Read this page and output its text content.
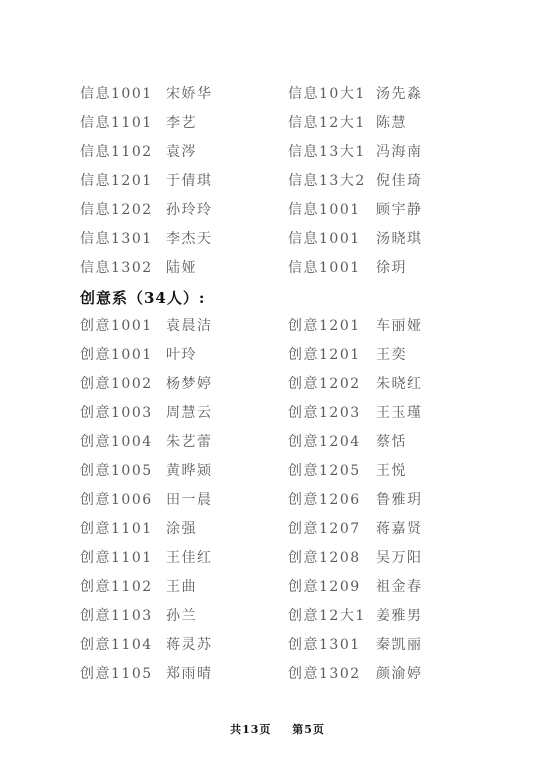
信息1001 宋娇华	信息10大1 汤先淼
信息1101 李艺	信息12大1 陈慧
信息1102 袁涔	信息13大1 冯海南
信息1201 于倩琪	信息13大2 倪佳琦
信息1202 孙玲玲	信息1001 顾宇静
信息1301 李杰天	信息1001 汤晓琪
信息1302 陆娅	信息1001 徐玥
创意系（34人）:
创意1001 袁晨洁	创意1201 车丽娅
创意1001 叶玲	创意1201 王奕
创意1002 杨梦婷	创意1202 朱晓红
创意1003 周慧云	创意1203 王玉瑾
创意1004 朱艺蕾	创意1204 蔡恬
创意1005 黄晔颎	创意1205 王悦
创意1006 田一晨	创意1206 鲁雅玥
创意1101 涂强	创意1207 蒋嘉贤
创意1101 王佳红	创意1208 吴万阳
创意1102 王曲	创意1209 祖金春
创意1103 孙兰	创意12大1 姜雅男
创意1104 蒋灵苏	创意1301 秦凯丽
创意1105 郑雨晴	创意1302 颜渝婷
共13页 第5页
